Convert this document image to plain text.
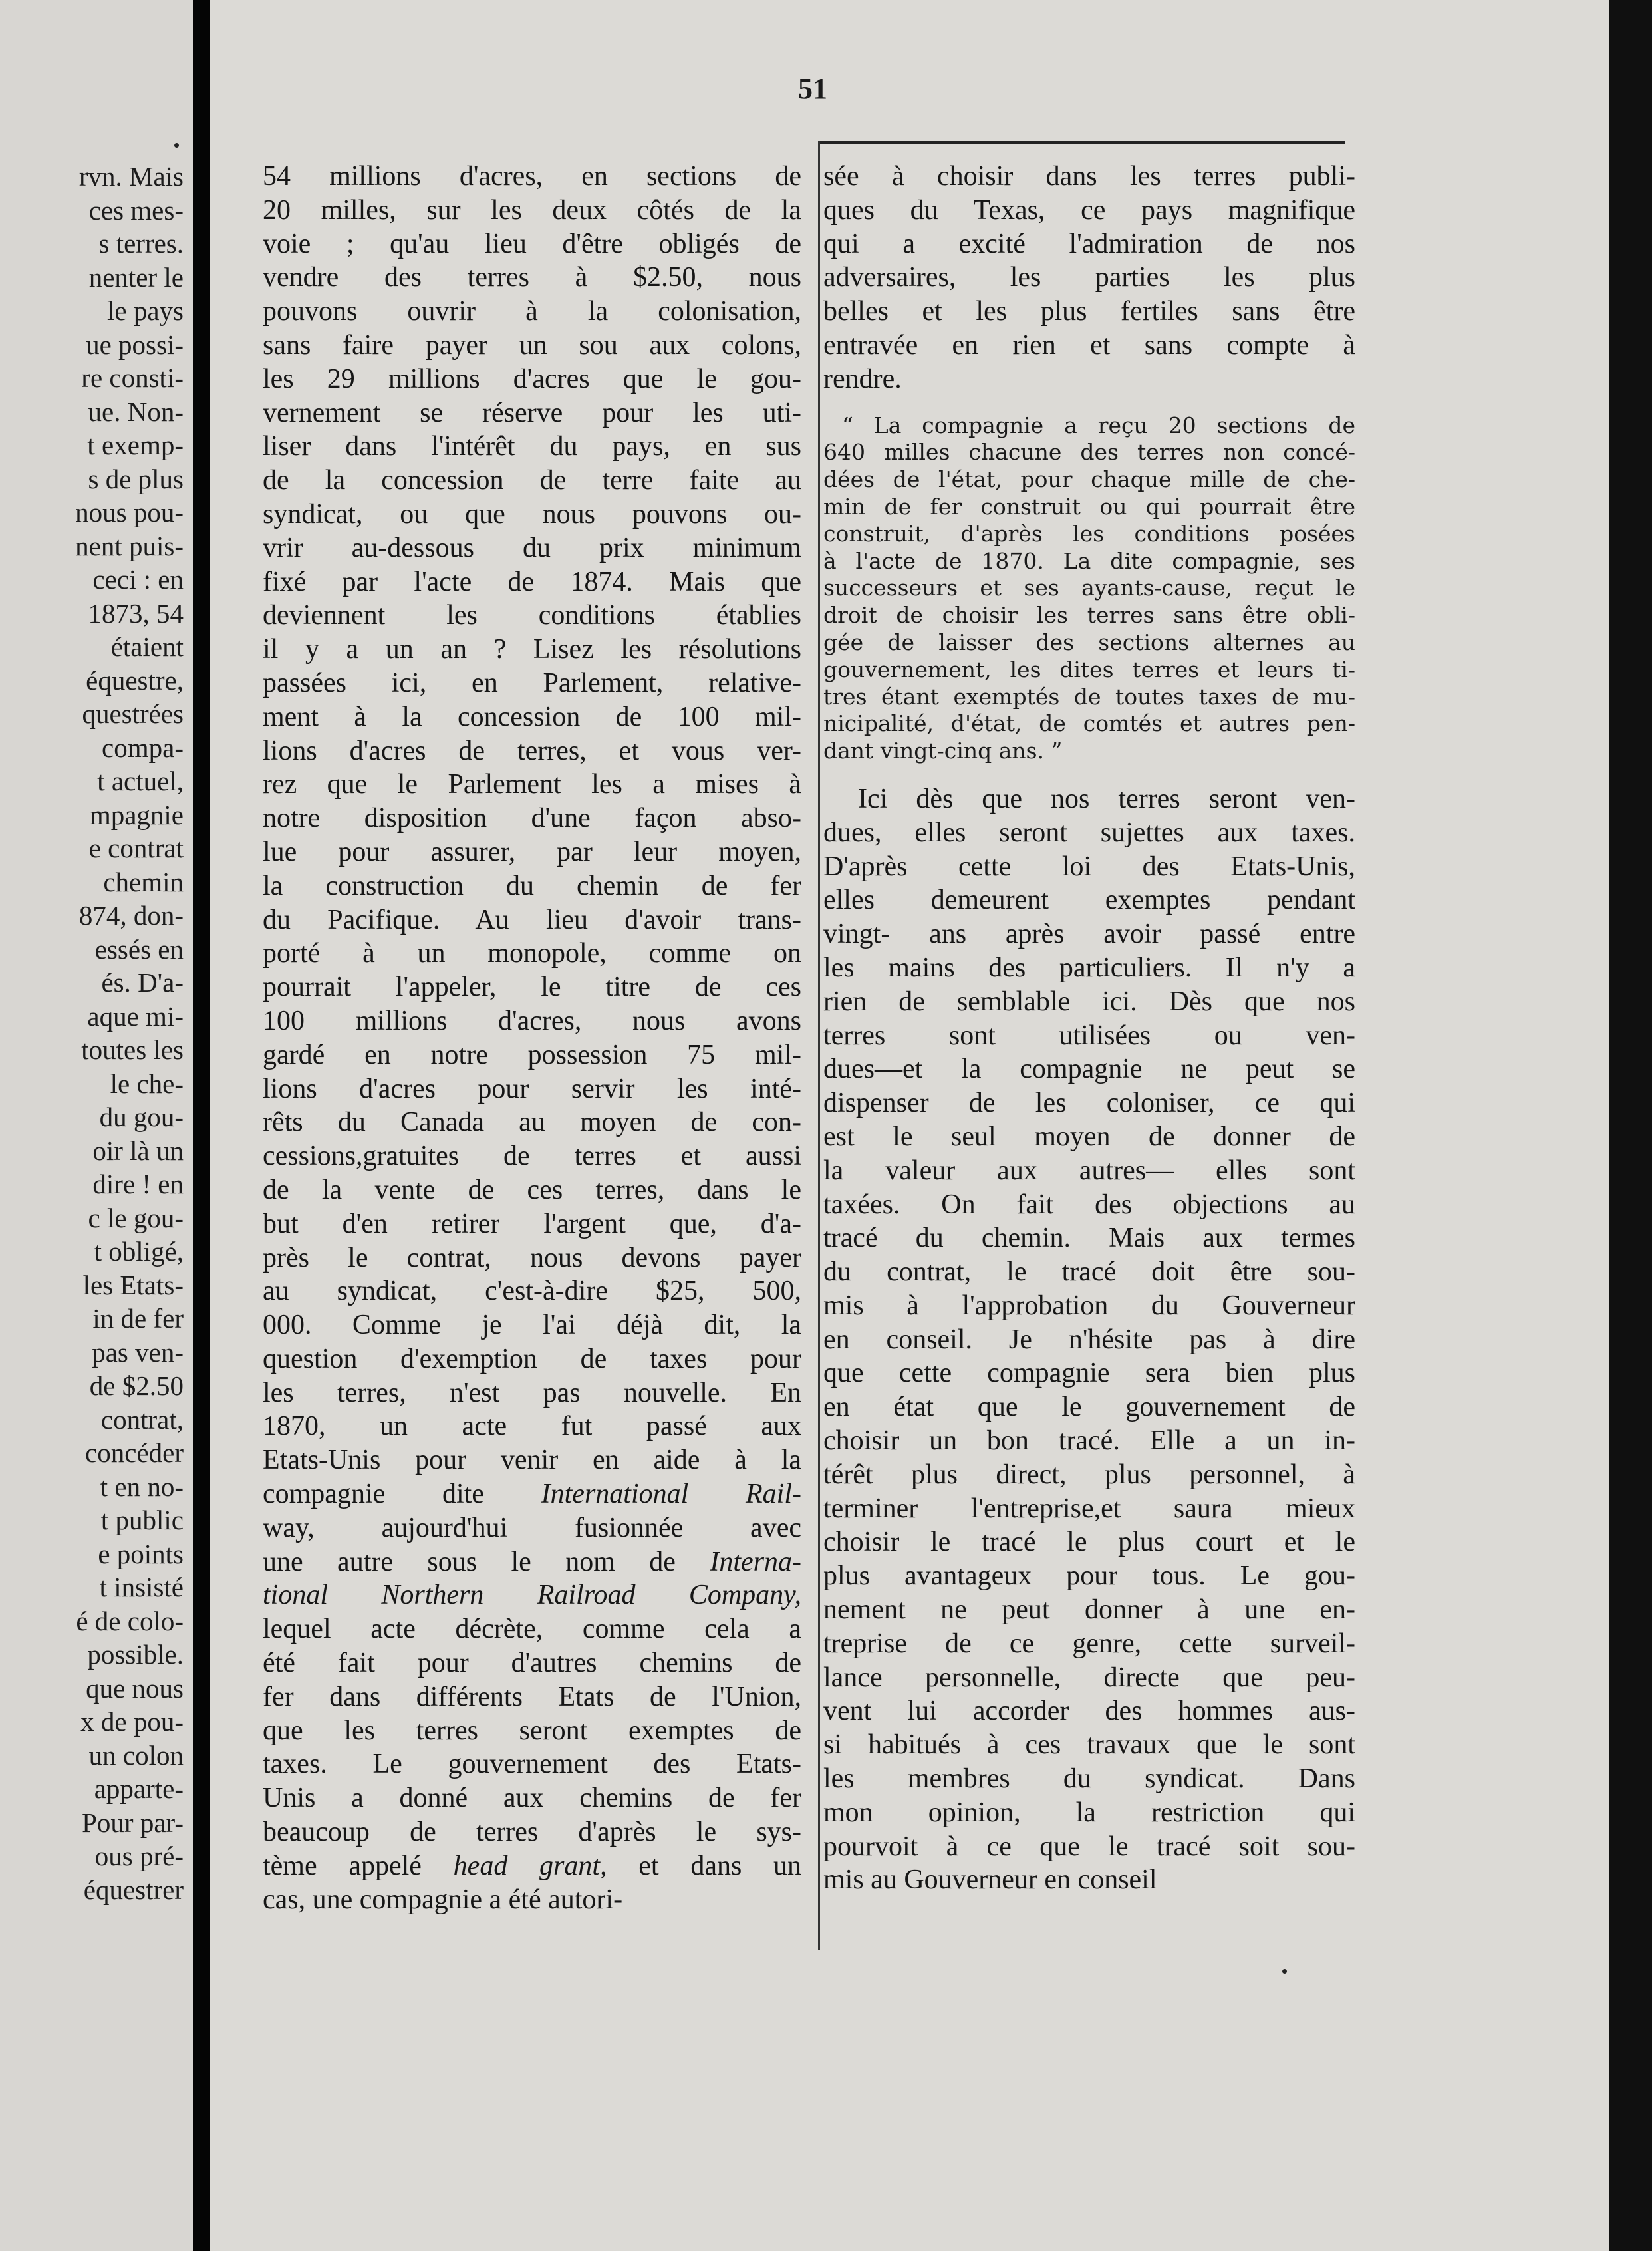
rvn. Mais
ces mes-
s terres.
nenter le
le pays
ue possi-
re consti-
ue. Non-
t exemp-
s de plus
nous pou-
nent puis-
ceci : en
1873, 54
étaient
équestre,
questrées
compa-
t actuel,
mpagnie
e contrat
chemin
874, don-
essés en
és. D'a-
aque mi-
toutes les
le che-
du gou-
oir là un
dire ! en
c le gou-
t obligé,
les Etats-
in de fer
pas ven-
de $2.50
contrat,
concéder
t en no-
t public
e points
t insisté
é de colo-
possible.
que nous
x de pou-
un colon
apparte-
Pour par-
ous pré-
équestrer
51
54 millions d'acres, en sections de
20 milles, sur les deux côtés de la
voie ; qu'au lieu d'être obligés de
vendre des terres à $2.50, nous
pouvons ouvrir à la colonisation,
sans faire payer un sou aux colons,
les 29 millions d'acres que le gou-
vernement se réserve pour les uti-
liser dans l'intérêt du pays, en sus
de la concession de terre faite au
syndicat, ou que nous pouvons ou-
vrir au-dessous du prix minimum
fixé par l'acte de 1874. Mais que
deviennent les conditions établies
il y a un an ? Lisez les résolutions
passées ici, en Parlement, relative-
ment à la concession de 100 mil-
lions d'acres de terres, et vous ver-
rez que le Parlement les a mises à
notre disposition d'une façon abso-
lue pour assurer, par leur moyen,
la construction du chemin de fer
du Pacifique. Au lieu d'avoir trans-
porté à un monopole, comme on
pourrait l'appeler, le titre de ces
100 millions d'acres, nous avons
gardé en notre possession 75 mil-
lions d'acres pour servir les inté-
rêts du Canada au moyen de con-
cessions,gratuites de terres et aussi
de la vente de ces terres, dans le
but d'en retirer l'argent que, d'a-
près le contrat, nous devons payer
au syndicat, c'est-à-dire $25, 500,
000. Comme je l'ai déjà dit, la
question d'exemption de taxes pour
les terres, n'est pas nouvelle. En
1870, un acte fut passé aux
Etats-Unis pour venir en aide à la
compagnie dite International Rail-
way, aujourd'hui fusionnée avec
une autre sous le nom de Interna-
tional Northern Railroad Company,
lequel acte décrète, comme cela a
été fait pour d'autres chemins de
fer dans différents Etats de l'Union,
que les terres seront exemptes de
taxes. Le gouvernement des Etats-
Unis a donné aux chemins de fer
beaucoup de terres d'après le sys-
tème appelé head grant, et dans un
cas, une compagnie a été autori-
sée à choisir dans les terres publi-
ques du Texas, ce pays magnifique
qui a excité l'admiration de nos
adversaires, les parties les plus
belles et les plus fertiles sans être
entravée en rien et sans compte à
rendre.
“ La compagnie a reçu 20 sections de
640 milles chacune des terres non concé-
dées de l'état, pour chaque mille de che-
min de fer construit ou qui pourrait être
construit, d'après les conditions posées
à l'acte de 1870. La dite compagnie, ses
successeurs et ses ayants-cause, reçut le
droit de choisir les terres sans être obli-
gée de laisser des sections alternes au
gouvernement, les dites terres et leurs ti-
tres étant exemptés de toutes taxes de mu-
nicipalité, d'état, de comtés et autres pen-
dant vingt-cinq ans. ”
Ici dès que nos terres seront ven-
dues, elles seront sujettes aux taxes.
D'après cette loi des Etats-Unis,
elles demeurent exemptes pendant
vingt- ans après avoir passé entre
les mains des particuliers. Il n'y a
rien de semblable ici. Dès que nos
terres sont utilisées ou ven-
dues—et la compagnie ne peut se
dispenser de les coloniser, ce qui
est le seul moyen de donner de
la valeur aux autres— elles sont
taxées. On fait des objections au
tracé du chemin. Mais aux termes
du contrat, le tracé doit être sou-
mis à l'approbation du Gouverneur
en conseil. Je n'hésite pas à dire
que cette compagnie sera bien plus
en état que le gouvernement de
choisir un bon tracé. Elle a un in-
térêt plus direct, plus personnel, à
terminer l'entreprise,et saura mieux
choisir le tracé le plus court et le
plus avantageux pour tous. Le gou-
nement ne peut donner à une en-
treprise de ce genre, cette surveil-
lance personnelle, directe que peu-
vent lui accorder des hommes aus-
si habitués à ces travaux que le sont
les membres du syndicat. Dans
mon opinion, la restriction qui
pourvoit à ce que le tracé soit sou-
mis au Gouverneur en conseil
